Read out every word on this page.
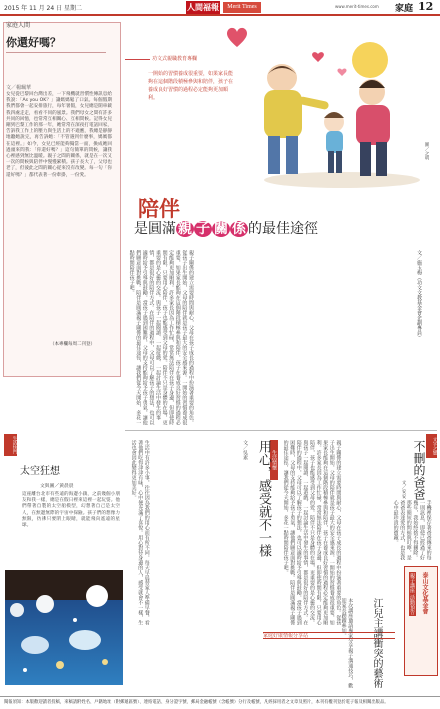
2015 年 11 月 24 日 星期二	人間福報	Merit Times	www.merit-times.com 家庭 12
家庭人間
你還好嗎？
文／楊珮華
女兒從巴黎回台灣出差，一下飛機就習慣性傳訊息給我說：「As you OK？」讓媽媽鬆了口氣。每個假期我們都會一起安排旅行，每年暑假，女兒總是開車載我四處走走，看看不同的風景。我們母女之間有許多共同的回憶，也常常互相關心、互相問候。記得女兒剛到巴黎工作的那一年，她常常在深夜打電話回家，告訴我工作上的壓力與生活上的不適應，我總是靜靜地聽她說完，再告訴她：「不管遇到什麼事，媽媽都在這裡。」如今，女兒已經能夠獨當一面，換成她回過頭來問我：「你還好嗎？」這句簡單的問候，讓我心裡感到無比溫暖。親子之間的關係，就是在一次又一次的問候與陪伴中慢慢累積。孩子長大了，父母也老了，但彼此之間的關心從來沒有改變。每一句「你還好嗎？」都代表著一份牽掛，一份愛。
（本專欄每周二刊登）
功文式親職教育專欄
一開始的習慣養成很重要，如果家長能夠在這個階段積極參與和陪伴，孩子在養成良好習慣的過程必定能夠更加順利。
圖／之明
陪伴
是圓滿 親 子 關 係 的最佳途徑
文／施玉梅（功文文教基金會企劃專員）
親子關係的建立需要時間與耐心，父母在孩子成長的過程中扮演著重要的角色。從孩子出生開始，父母的陪伴就是孩子最大的安全感來源。一開始的習慣養成很重要，如果家長能夠在這個階段積極參與和陪伴，孩子在養成良好習慣的過程必定能夠更加順利。許多家長因為工作忙碌，常常無法陪伴在孩子身邊，但即使時間有限，只要用心陪伴，孩子也能感受到父母的愛。陪伴不只是身體的在場，更重要的是心靈的交流。與孩子一起閱讀、一起遊戲、一起討論生活中發生的事情，都是很好的陪伴方式。在陪伴的過程中，父母可以了解孩子的想法，也可以適時給予引導與鼓勵。當孩子遇到困難時，父母的支持能夠給予孩子勇氣，讓他們願意面對挑戰。陪伴是圓滿親子關係的最佳途徑，讓我們從今天開始，多花一點時間陪伴孩子吧。
生活情懷
用心，感受就不一樣
文／吳素
生活中有許多小事，往往因為我們的用心而有所不同。每天早晨替家人準備早餐，看著他們吃得津津有味，心中便充滿了喜悅。用心對待身邊的人，感受就會不一樣，生活也會因此變得更加美好。	親子關係的建立需要時間與耐心，父母在孩子成長的過程中扮演著重要的角色。從孩子出生開始，父母的陪伴就是孩子最大的安全感來源。一開始的習慣養成很重要，如果家長能夠在這個階段積極參與和陪伴，孩子在養成良好習慣的過程必定能夠更加順利。許多家長因為工作忙碌，常常無法陪伴在孩子身邊，但即使時間有限，只要用心陪伴，孩子也能感受到父母的愛。陪伴不只是身體的在場，更重要的是心靈的交流。與孩子一起閱讀、一起遊戲、一起討論生活中發生的事情，都是很好的陪伴方式。在陪伴的過程中，父母可以了解孩子的想法，也可以適時給予引導與鼓勵。當孩子遇到困難時，父母的支持能夠給予孩子勇氣，讓他們願意面對挑戰。陪伴是圓滿親子關係的最佳途徑，讓我們從今天開始，多花一點時間陪伴孩子吧。	文字之戀
不刪的爸爸
文／安安
手機裡保存著爸爸傳來的每一則訊息，即使已經過了好幾年，我始終捨不得刪除。那些簡短的問候與叮嚀，是爸爸表達愛的方式，也是我心中最珍貴的寶藏。
生活快門
太空狂想
文與圖／黃晨晨
這座離台北市有些遠的海邊小鎮，之前幾個小朋友和我一樣，總是在假日裡來這裡一起玩耍。他們帶著自製的太空船模型，幻想著自己是太空人，在無邊無際的宇宙中探險。孩子們的想像力無限，彷彿只要閉上眼睛，就能飛向遙遠的星球。
家庭好康情報分享站
泰山文化基金會
親子講座 活動預告
江兒主講衝突的藝術
本次講座邀請專家分享親子溝通技巧，歡迎家長踴躍參加。
閱報須知：本版歡迎讀者投稿，來稿請附姓名、戶籍地址（附郵遞區號）、連絡電話、身分證字號、郵局金融帳號（含帳號）分行及帳號，凡經採用者之文章及照片，本刊有權刊登於電子報及相關出版品。
